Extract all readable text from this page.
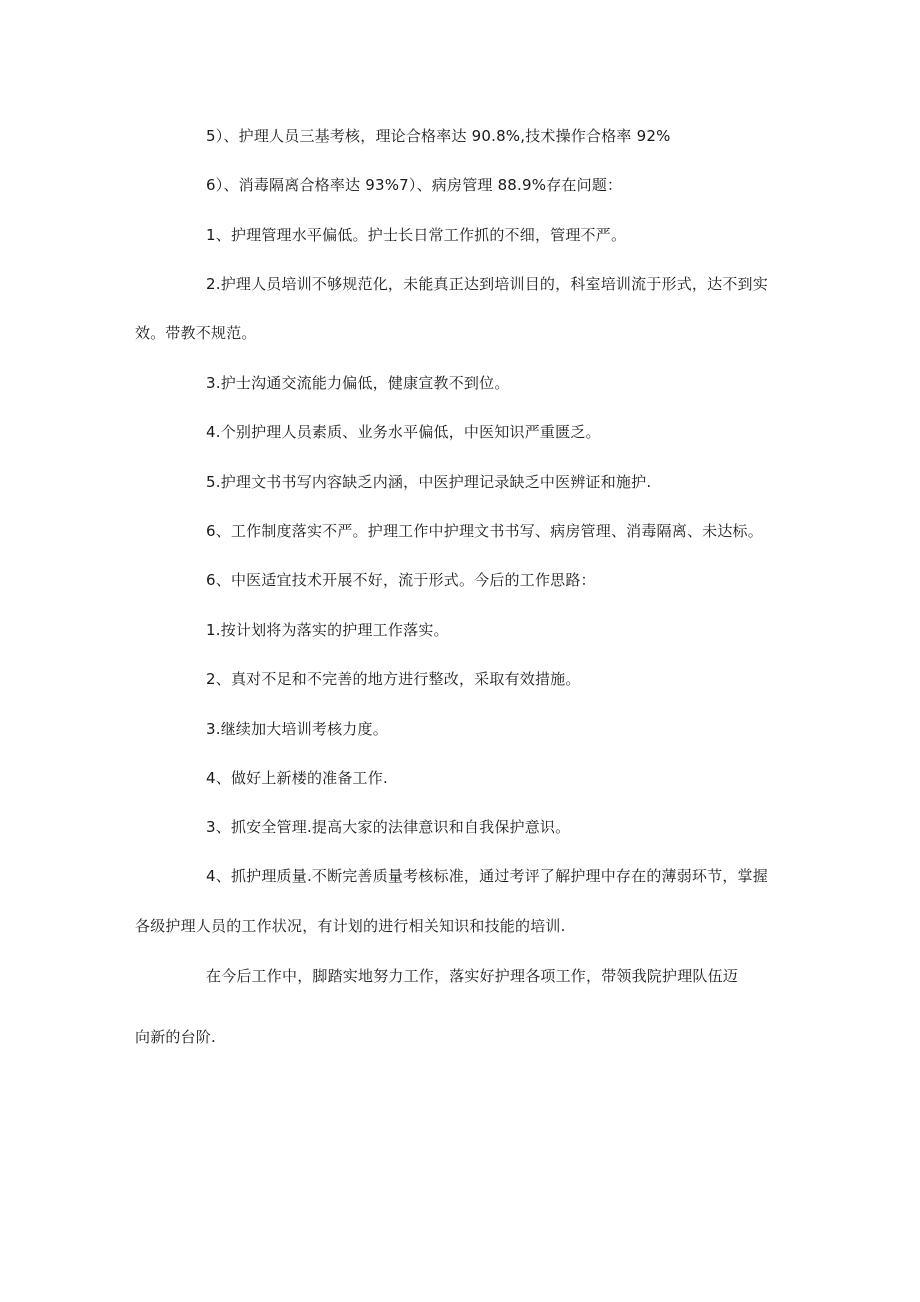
5）、护理人员三基考核，理论合格率达 90.8%,技术操作合格率 92%
6）、消毒隔离合格率达 93%7）、病房管理 88.9%存在问题：
1、护理管理水平偏低。护士长日常工作抓的不细，管理不严。
2.护理人员培训不够规范化，未能真正达到培训目的，科室培训流于形式，达不到实
效。带教不规范。
3.护士沟通交流能力偏低，健康宣教不到位。
4.个别护理人员素质、业务水平偏低，中医知识严重匮乏。
5.护理文书书写内容缺乏内涵，中医护理记录缺乏中医辨证和施护.
6、工作制度落实不严。护理工作中护理文书书写、病房管理、消毒隔离、未达标。
6、中医适宜技术开展不好，流于形式。今后的工作思路：
1.按计划将为落实的护理工作落实。
2、真对不足和不完善的地方进行整改，采取有效措施。
3.继续加大培训考核力度。
4、做好上新楼的准备工作.
3、抓安全管理.提高大家的法律意识和自我保护意识。
4、抓护理质量.不断完善质量考核标准，通过考评了解护理中存在的薄弱环节，掌握
各级护理人员的工作状况，有计划的进行相关知识和技能的培训.
在今后工作中，脚踏实地努力工作，落实好护理各项工作，带领我院护理队伍迈
向新的台阶.
